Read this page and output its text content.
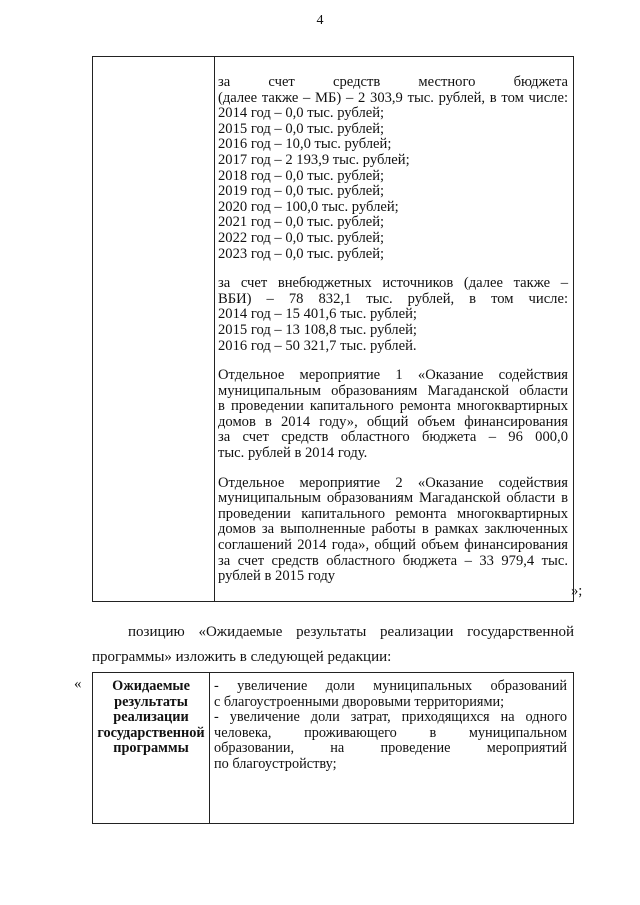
4

за счет средств местного бюджета

(далее также – МБ) – 2 303,9 тыс. рублей, в том числе:

2014 год – 0,0 тыс. рублей;

2015 год – 0,0 тыс. рублей;

2016 год – 10,0 тыс. рублей;

2017 год – 2 193,9 тыс. рублей;

2018 год – 0,0 тыс. рублей;

2019 год – 0,0 тыс. рублей;

2020 год – 100,0 тыс. рублей;

2021 год – 0,0 тыс. рублей;

2022 год – 0,0 тыс. рублей;

2023 год – 0,0 тыс. рублей;

за счет внебюджетных источников (далее также –

ВБИ) – 78 832,1 тыс. рублей, в том числе:

2014 год – 15 401,6 тыс. рублей;

2015 год – 13 108,8 тыс. рублей;

2016 год – 50 321,7 тыс. рублей.

Отдельное мероприятие 1 «Оказание содействия

муниципальным образованиям Магаданской области

в проведении капитального ремонта многоквартирных

домов в 2014 году», общий объем финансирования

за счет средств областного бюджета – 96 000,0

тыс. рублей в 2014 году.

Отдельное мероприятие 2 «Оказание содействия

муниципальным образованиям Магаданской области в

проведении капитального ремонта многоквартирных

домов за выполненные работы в рамках заключенных

соглашений 2014 года», общий объем финансирования

за счет средств областного бюджета – 33 979,4 тыс.

рублей в 2015 году

»;
позицию «Ожидаемые результаты реализации государственной
программы» изложить в следующей редакции:
«	Ожидаемые
результаты
реализации
государственной
программы

- увеличение доли муниципальных образований

с благоустроенными дворовыми территориями;

- увеличение доли затрат, приходящихся на одного

человека, проживающего в муниципальном

образовании, на проведение мероприятий

по благоустройству;
